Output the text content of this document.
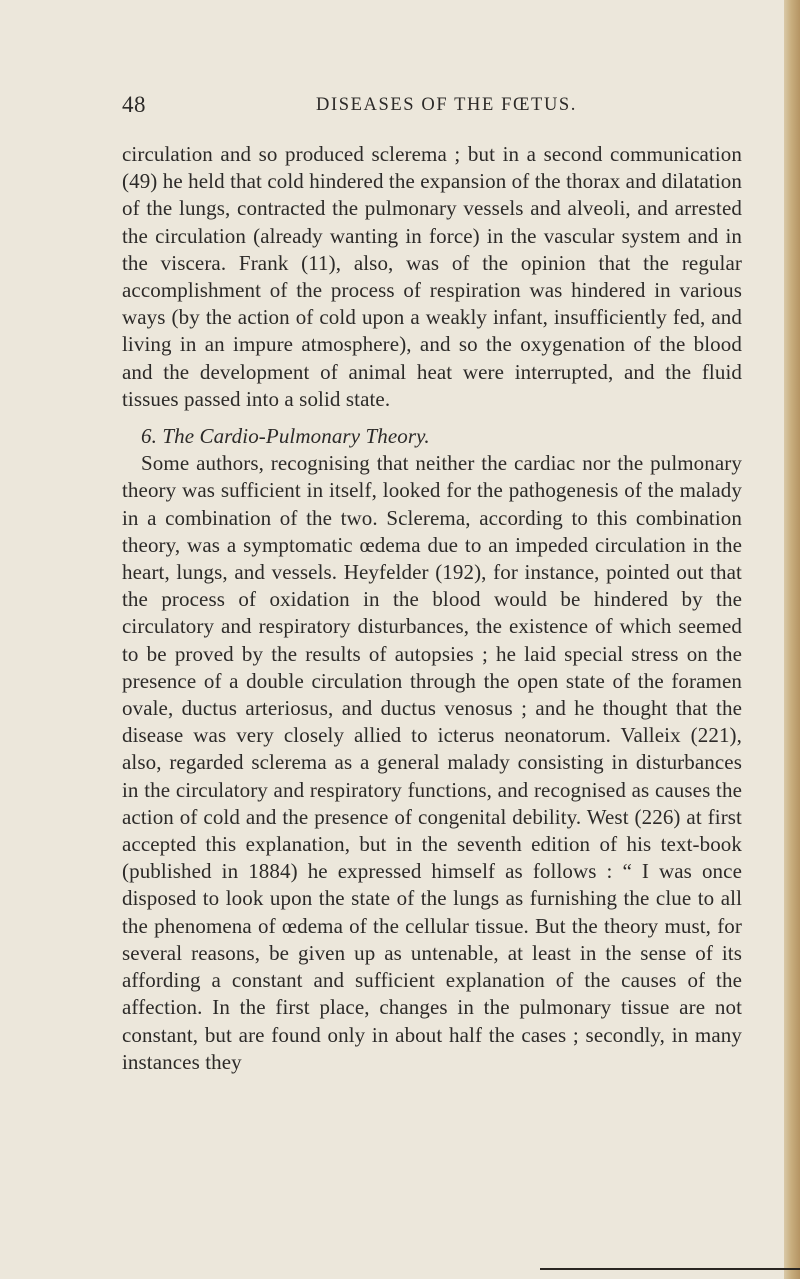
48	DISEASES OF THE FŒTUS.

circulation and so produced sclerema ; but in a second communication (49) he held that cold hindered the expansion of the thorax and dilatation of the lungs, contracted the pulmonary vessels and alveoli, and arrested the circulation (already wanting in force) in the vascular system and in the viscera. Frank (11), also, was of the opinion that the regular accomplishment of the process of respiration was hindered in various ways (by the action of cold upon a weakly infant, insufficiently fed, and living in an impure atmosphere), and so the oxygenation of the blood and the development of animal heat were interrupted, and the fluid tissues passed into a solid state.

6. The Cardio-Pulmonary Theory.

Some authors, recognising that neither the cardiac nor the pulmonary theory was sufficient in itself, looked for the pathogenesis of the malady in a combination of the two. Sclerema, according to this combination theory, was a symptomatic œdema due to an impeded circulation in the heart, lungs, and vessels. Heyfelder (192), for instance, pointed out that the process of oxidation in the blood would be hindered by the circulatory and respiratory disturbances, the existence of which seemed to be proved by the results of autopsies ; he laid special stress on the presence of a double circulation through the open state of the foramen ovale, ductus arteriosus, and ductus venosus ; and he thought that the disease was very closely allied to icterus neonatorum. Valleix (221), also, regarded sclerema as a general malady consisting in disturbances in the circulatory and respiratory functions, and recognised as causes the action of cold and the presence of congenital debility. West (226) at first accepted this explanation, but in the seventh edition of his text-book (published in 1884) he expressed himself as follows : “ I was once disposed to look upon the state of the lungs as furnishing the clue to all the phenomena of œdema of the cellular tissue. But the theory must, for several reasons, be given up as untenable, at least in the sense of its affording a constant and sufficient explanation of the causes of the affection. In the first place, changes in the pulmonary tissue are not constant, but are found only in about half the cases ; secondly, in many instances they
